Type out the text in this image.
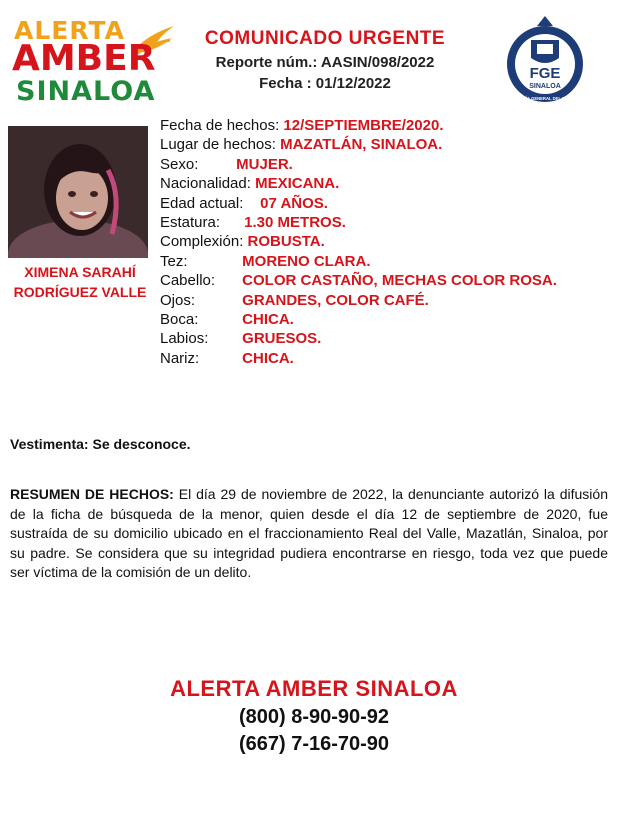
ALERTA
AMBER
SINALOA
COMUNICADO URGENTE
Reporte núm.: AASIN/098/2022
Fecha : 01/12/2022
FGE
SINALOA
FISCALÍA GENERAL DEL ESTADO
XIMENA SARAHÍ
RODRÍGUEZ VALLE
Fecha de hechos: 12/SEPTIEMBRE/2020.
Lugar de hechos: MAZATLÁN, SINALOA.
Sexo:	MUJER.
Nacionalidad: MEXICANA.
Edad actual: 07 AÑOS.
Estatura: 1.30 METROS.
Complexión: ROBUSTA.
Tez:	MORENO CLARA.
Cabello: COLOR CASTAÑO, MECHAS COLOR ROSA.
Ojos:	GRANDES, COLOR CAFÉ.
Boca:	CHICA.
Labios: GRUESOS.
Nariz:	CHICA.
Vestimenta: Se desconoce.
RESUMEN DE HECHOS: El día 29 de noviembre de 2022, la denunciante autorizó la difusión de la ficha de búsqueda de la menor, quien desde el día 12 de septiembre de 2020, fue sustraída de su domicilio ubicado en el fraccionamiento Real del Valle, Mazatlán, Sinaloa, por su padre. Se considera que su integridad pudiera encontrarse en riesgo, toda vez que puede ser víctima de la comisión de un delito.
ALERTA AMBER SINALOA
(800) 8-90-90-92
(667) 7-16-70-90
